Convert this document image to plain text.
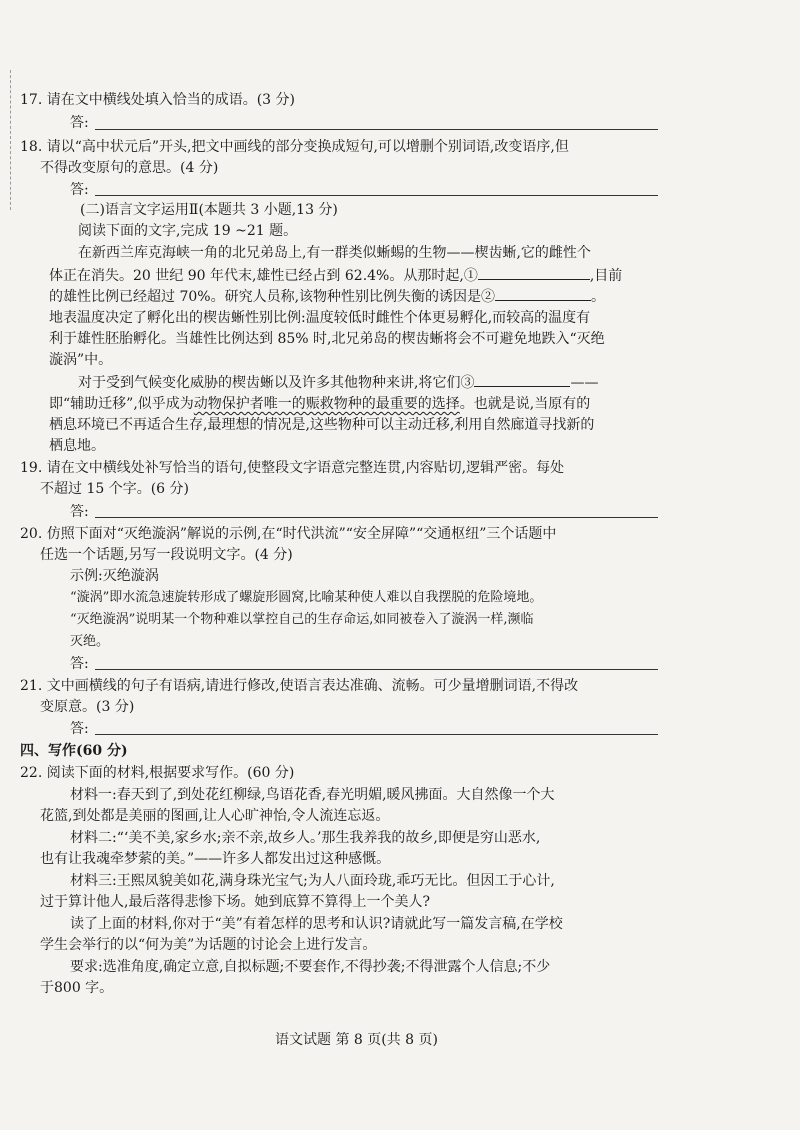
17. 请在文中横线处填入恰当的成语。(3 分)
答:
18. 请以“高中状元后”开头,把文中画线的部分变换成短句,可以增删个别词语,改变语序,但
不得改变原句的意思。(4 分)
答:
(二)语言文字运用Ⅱ(本题共 3 小题,13 分)
阅读下面的文字,完成 19 ~21 题。
在新西兰库克海峡一角的北兄弟岛上,有一群类似蜥蜴的生物——楔齿蜥,它的雌性个
体正在消失。20 世纪 90 年代末,雄性已经占到 62.4%。从那时起,①	,目前
的雄性比例已经超过 70%。研究人员称,该物种性别比例失衡的诱因是②	。
地表温度决定了孵化出的楔齿蜥性别比例:温度较低时雌性个体更易孵化,而较高的温度有
利于雄性胚胎孵化。当雄性比例达到 85% 时,北兄弟岛的楔齿蜥将会不可避免地跌入“灭绝
漩涡”中。
对于受到气候变化威胁的楔齿蜥以及许多其他物种来讲,将它们③	——
即“辅助迁移”,似乎成为动物保护者唯一的赈救物种的最重要的选择。也就是说,当原有的
栖息环境已不再适合生存,最理想的情况是,这些物种可以主动迁移,利用自然廊道寻找新的
栖息地。
19. 请在文中横线处补写恰当的语句,使整段文字语意完整连贯,内容贴切,逻辑严密。每处
不超过 15 个字。(6 分)
答:
20. 仿照下面对“灭绝漩涡”解说的示例,在“时代洪流”“安全屏障”“交通枢纽”三个话题中
任选一个话题,另写一段说明文字。(4 分)
示例:灭绝漩涡
“漩涡”即水流急速旋转形成了螺旋形圆窝,比喻某种使人难以自我摆脱的危险境地。
“灭绝漩涡”说明某一个物种难以掌控自己的生存命运,如同被卷入了漩涡一样,濒临
灭绝。
答:
21. 文中画横线的句子有语病,请进行修改,使语言表达准确、流畅。可少量增删词语,不得改
变原意。(3 分)
答:
四、写作(60 分)
22. 阅读下面的材料,根据要求写作。(60 分)
材料一:春天到了,到处花红柳绿,鸟语花香,春光明媚,暖风拂面。大自然像一个大
花篮,到处都是美丽的图画,让人心旷神怡,令人流连忘返。
材料二:“‘美不美,家乡水;亲不亲,故乡人。’那生我养我的故乡,即便是穷山恶水,
也有让我魂牵梦萦的美。”——许多人都发出过这种感慨。
材料三:王熙凤貌美如花,满身珠光宝气;为人八面玲珑,乖巧无比。但因工于心计,
过于算计他人,最后落得悲惨下场。她到底算不算得上一个美人?
读了上面的材料,你对于“美”有着怎样的思考和认识?请就此写一篇发言稿,在学校
学生会举行的以“何为美”为话题的讨论会上进行发言。
要求:选准角度,确定立意,自拟标题;不要套作,不得抄袭;不得泄露个人信息;不少
于800 字。
语文试题 第 8 页(共 8 页)
